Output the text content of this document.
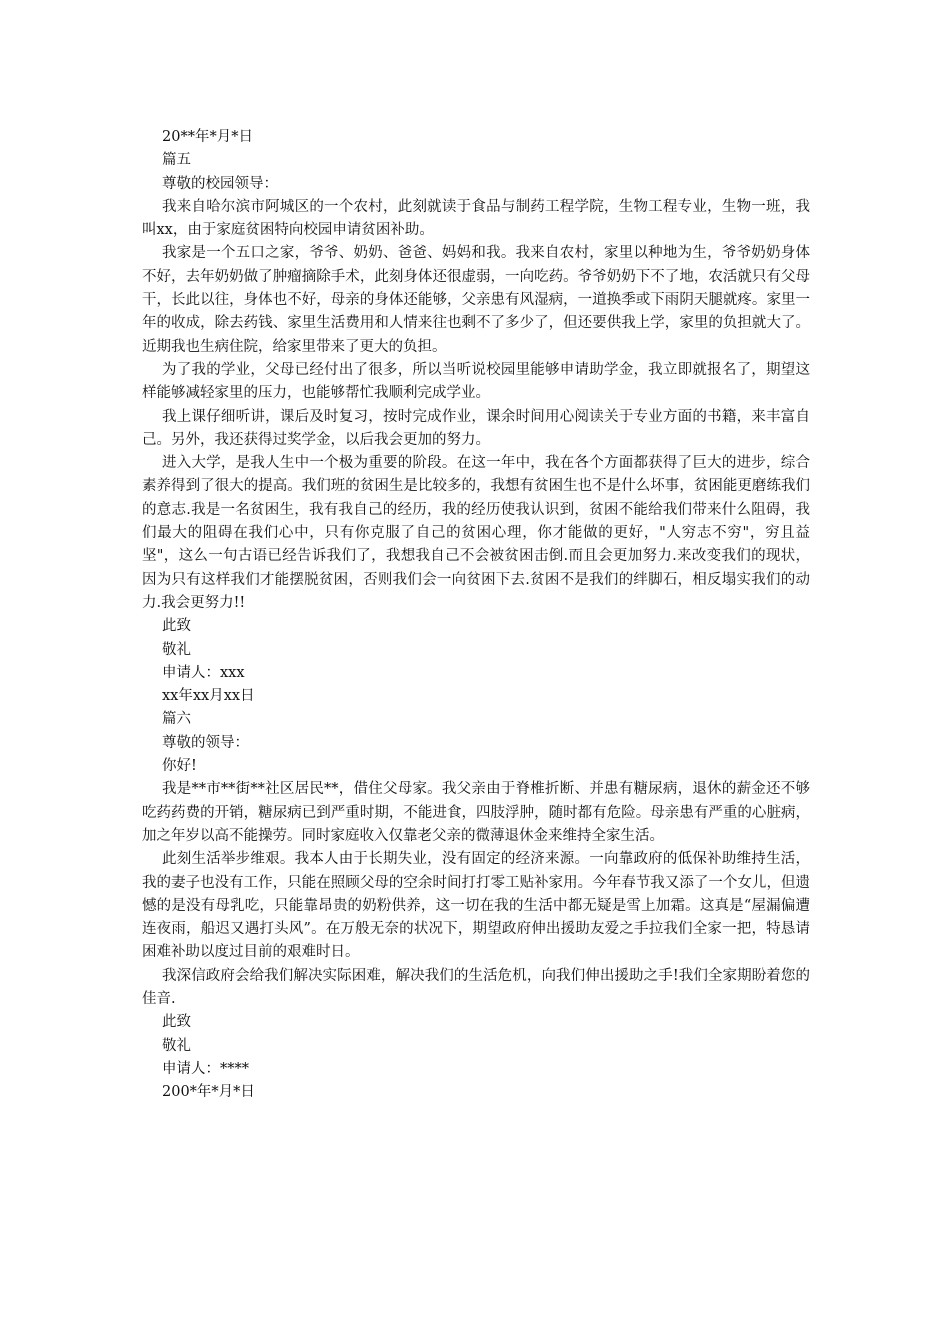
20**年*月*日
篇五
尊敬的校园领导：

我来自哈尔滨市阿城区的一个农村，此刻就读于食品与制药工程学院，生物工程专业，生物一班，我叫xx，由于家庭贫困特向校园申请贫困补助。

我家是一个五口之家，爷爷、奶奶、爸爸、妈妈和我。我来自农村，家里以种地为生，爷爷奶奶身体不好，去年奶奶做了肿瘤摘除手术，此刻身体还很虚弱，一向吃药。爷爷奶奶下不了地，农活就只有父母干，长此以往，身体也不好，母亲的身体还能够，父亲患有风湿病，一道换季或下雨阴天腿就疼。家里一年的收成，除去药钱、家里生活费用和人情来往也剩不了多少了，但还要供我上学，家里的负担就大了。近期我也生病住院，给家里带来了更大的负担。

为了我的学业，父母已经付出了很多，所以当听说校园里能够申请助学金，我立即就报名了，期望这样能够减轻家里的压力，也能够帮忙我顺利完成学业。

我上课仔细听讲，课后及时复习，按时完成作业，课余时间用心阅读关于专业方面的书籍，来丰富自己。另外，我还获得过奖学金，以后我会更加的努力。

进入大学，是我人生中一个极为重要的阶段。在这一年中，我在各个方面都获得了巨大的进步，综合素养得到了很大的提高。我们班的贫困生是比较多的，我想有贫困生也不是什么坏事，贫困能更磨练我们的意志.我是一名贫困生，我有我自己的经历，我的经历使我认识到，贫困不能给我们带来什么阻碍，我们最大的阻碍在我们心中，只有你克服了自己的贫困心理，你才能做的更好，"人穷志不穷"，穷且益坚"，这么一句古语已经告诉我们了，我想我自己不会被贫困击倒.而且会更加努力.来改变我们的现状，因为只有这样我们才能摆脱贫困，否则我们会一向贫困下去.贫困不是我们的绊脚石，相反塌实我们的动力.我会更努力!!

此致
敬礼
申请人：xxx
xx年xx月xx日
篇六
尊敬的领导：
你好!

我是**市**街**社区居民**，借住父母家。我父亲由于脊椎折断、并患有糖尿病，退休的薪金还不够吃药药费的开销，糖尿病已到严重时期，不能进食，四肢浮肿，随时都有危险。母亲患有严重的心脏病，加之年岁以高不能操劳。同时家庭收入仅靠老父亲的微薄退休金来维持全家生活。

此刻生活举步维艰。我本人由于长期失业，没有固定的经济来源。一向靠政府的低保补助维持生活，我的妻子也没有工作，只能在照顾父母的空余时间打打零工贴补家用。今年春节我又添了一个女儿，但遗憾的是没有母乳吃，只能靠昂贵的奶粉供养，这一切在我的生活中都无疑是雪上加霜。这真是“屋漏偏遭连夜雨，船迟又遇打头风”。在万般无奈的状况下，期望政府伸出援助友爱之手拉我们全家一把，特恳请困难补助以度过目前的艰难时日。

我深信政府会给我们解决实际困难，解决我们的生活危机，向我们伸出援助之手!我们全家期盼着您的佳音.

此致
敬礼
申请人：****
200*年*月*日
